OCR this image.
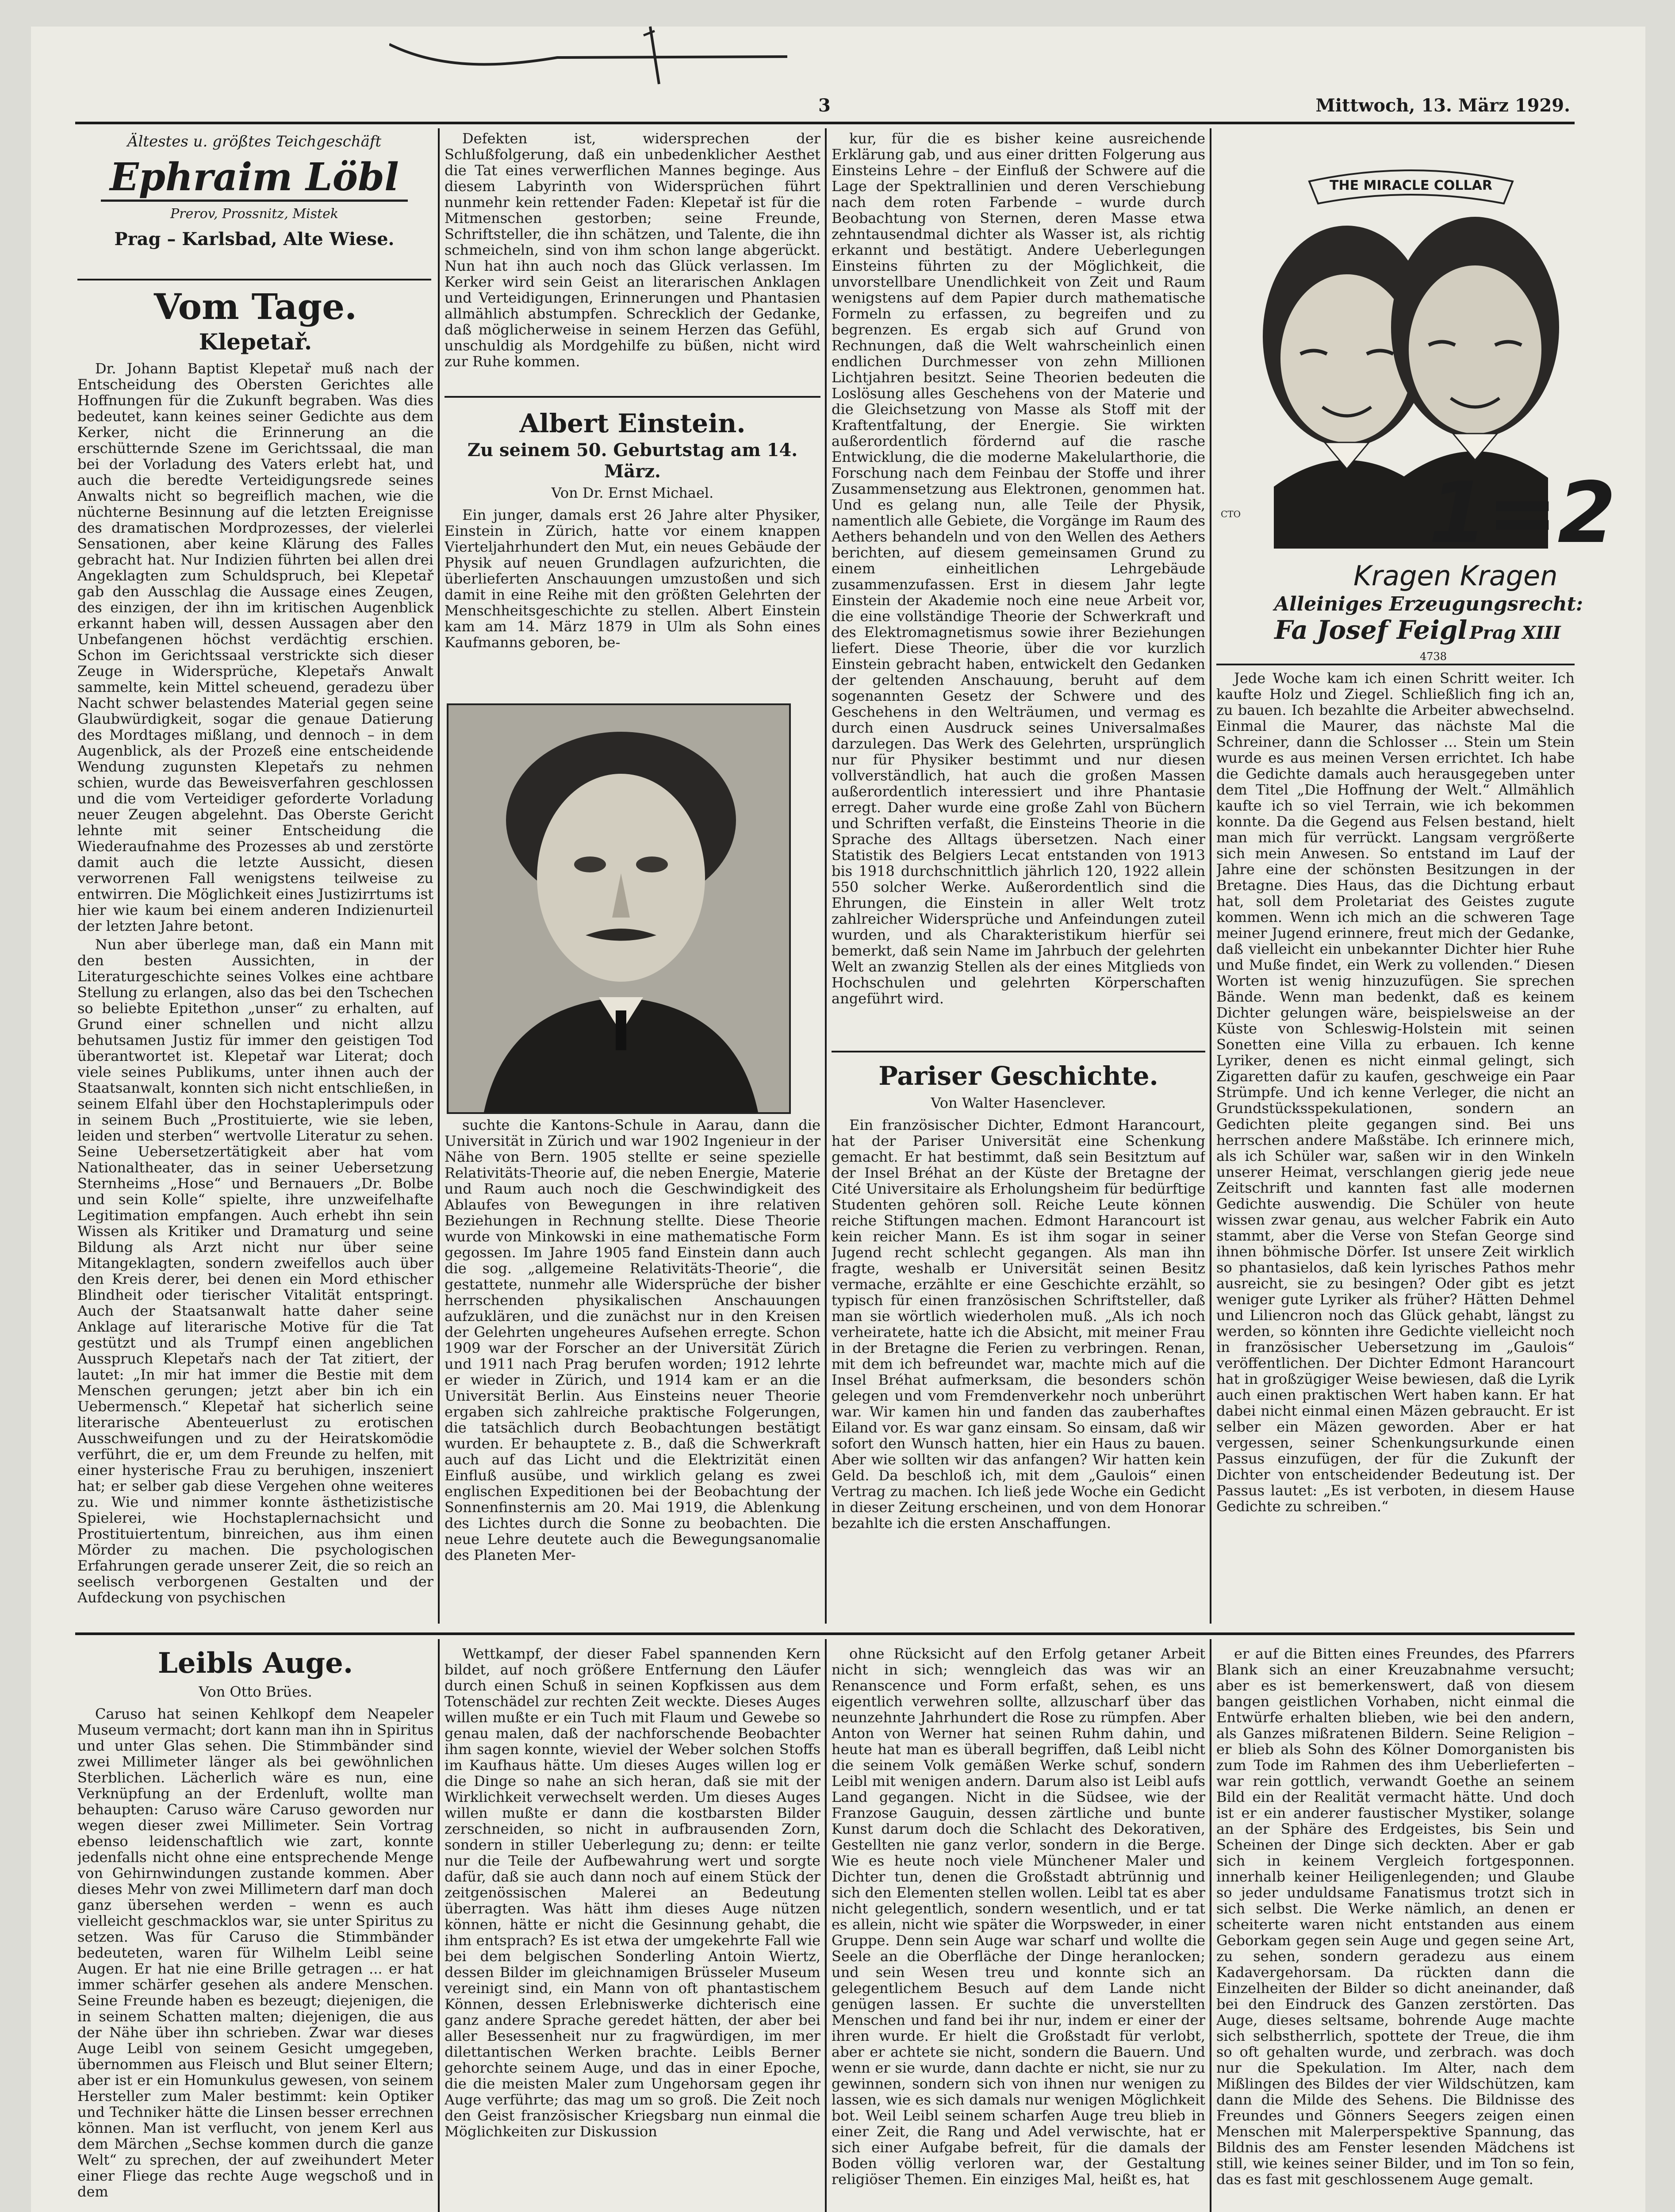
3	Mittwoch, 13. März 1929.
Ältestes u. größtes Teichgeschäft
Ephraim Löbl
Prerov, Prossnitz, Mistek
Prag – Karlsbad, Alte Wiese.
Vom Tage.
Klepetař.

Dr. Johann Baptist Klepetař muß nach der Entscheidung des Obersten Gerichtes alle Hoffnungen für die Zukunft begraben. Was dies bedeutet, kann keines seiner Gedichte aus dem Kerker, nicht die Erinnerung an die erschütternde Szene im Gerichtssaal, die man bei der Vorladung des Vaters erlebt hat, und auch die beredte Verteidigungsrede seines Anwalts nicht so begreiflich machen, wie die nüchterne Besinnung auf die letzten Ereignisse des dramatischen Mordprozesses, der vielerlei Sensationen, aber keine Klärung des Falles gebracht hat. Nur Indizien führten bei allen drei Angeklagten zum Schuldspruch, bei Klepetař gab den Ausschlag die Aussage eines Zeugen, des einzigen, der ihn im kritischen Augenblick erkannt haben will, dessen Aussagen aber den Unbefangenen höchst verdächtig erschien. Schon im Gerichtssaal verstrickte sich dieser Zeuge in Widersprüche, Klepetařs Anwalt sammelte, kein Mittel scheuend, geradezu über Nacht schwer belastendes Material gegen seine Glaubwürdigkeit, sogar die genaue Datierung des Mordtages mißlang, und dennoch – in dem Augenblick, als der Prozeß eine entscheidende Wendung zugunsten Klepetařs zu nehmen schien, wurde das Beweisverfahren geschlossen und die vom Verteidiger geforderte Vorladung neuer Zeugen abgelehnt. Das Oberste Gericht lehnte mit seiner Entscheidung die Wiederaufnahme des Prozesses ab und zerstörte damit auch die letzte Aussicht, diesen verworrenen Fall wenigstens teilweise zu entwirren. Die Möglichkeit eines Justizirrtums ist hier wie kaum bei einem anderen Indizienurteil der letzten Jahre betont.

Nun aber überlege man, daß ein Mann mit den besten Aussichten, in der Literaturgeschichte seines Volkes eine achtbare Stellung zu erlangen, also das bei den Tschechen so beliebte Epitethon „unser“ zu erhalten, auf Grund einer schnellen und nicht allzu behutsamen Justiz für immer den geistigen Tod überantwortet ist. Klepetař war Literat; doch viele seines Publikums, unter ihnen auch der Staatsanwalt, konnten sich nicht entschließen, in seinem Elfahl über den Hochstaplerimpuls oder in seinem Buch „Prostituierte, wie sie leben, leiden und sterben“ wertvolle Literatur zu sehen. Seine Uebersetzertätigkeit aber hat vom Nationaltheater, das in seiner Uebersetzung Sternheims „Hose“ und Bernauers „Dr. Bolbe und sein Kolle“ spielte, ihre unzweifelhafte Legitimation empfangen. Auch erhebt ihn sein Wissen als Kritiker und Dramaturg und seine Bildung als Arzt nicht nur über seine Mitangeklagten, sondern zweifellos auch über den Kreis derer, bei denen ein Mord ethischer Blindheit oder tierischer Vitalität entspringt. Auch der Staatsanwalt hatte daher seine Anklage auf literarische Motive für die Tat gestützt und als Trumpf einen angeblichen Ausspruch Klepetařs nach der Tat zitiert, der lautet: „In mir hat immer die Bestie mit dem Menschen gerungen; jetzt aber bin ich ein Uebermensch.“ Klepetař hat sicherlich seine literarische Abenteuerlust zu erotischen Ausschweifungen und zu der Heiratskomödie verführt, die er, um dem Freunde zu helfen, mit einer hysterische Frau zu beruhigen, inszeniert hat; er selber gab diese Vergehen ohne weiteres zu. Wie und nimmer konnte ästhetizistische Spielerei, wie Hochstaplernachsicht und Prostituiertentum, binreichen, aus ihm einen Mörder zu machen. Die psychologischen Erfahrungen gerade unserer Zeit, die so reich an seelisch verborgenen Gestalten und der Aufdeckung von psychischen

Defekten ist, widersprechen der Schlußfolgerung, daß ein unbedenklicher Aesthet die Tat eines verwerflichen Mannes beginge. Aus diesem Labyrinth von Widersprüchen führt nunmehr kein rettender Faden: Klepetař ist für die Mitmenschen gestorben; seine Freunde, Schriftsteller, die ihn schätzen, und Talente, die ihn schmeicheln, sind von ihm schon lange abgerückt. Nun hat ihn auch noch das Glück verlassen. Im Kerker wird sein Geist an literarischen Anklagen und Verteidigungen, Erinnerungen und Phantasien allmählich abstumpfen. Schrecklich der Gedanke, daß möglicherweise in seinem Herzen das Gefühl, unschuldig als Mordgehilfe zu büßen, nicht wird zur Ruhe kommen.

Albert Einstein.
Zu seinem 50. Geburtstag am 14. März.
Von Dr. Ernst Michael.

Ein junger, damals erst 26 Jahre alter Physiker, Einstein in Zürich, hatte vor einem knappen Vierteljahrhundert den Mut, ein neues Gebäude der Physik auf neuen Grundlagen aufzurichten, die überlieferten Anschauungen umzustoßen und sich damit in eine Reihe mit den größten Gelehrten der Menschheitsgeschichte zu stellen. Albert Einstein kam am 14. März 1879 in Ulm als Sohn eines Kaufmanns geboren, be-

suchte die Kantons-Schule in Aarau, dann die Universität in Zürich und war 1902 Ingenieur in der Nähe von Bern. 1905 stellte er seine spezielle Relativitäts-Theorie auf, die neben Energie, Materie und Raum auch noch die Geschwindigkeit des Ablaufes von Bewegungen in ihre relativen Beziehungen in Rechnung stellte. Diese Theorie wurde von Minkowski in eine mathematische Form gegossen. Im Jahre 1905 fand Einstein dann auch die sog. „allgemeine Relativitäts-Theorie“, die gestattete, nunmehr alle Widersprüche der bisher herrschenden physikalischen Anschauungen aufzuklären, und die zunächst nur in den Kreisen der Gelehrten ungeheures Aufsehen erregte. Schon 1909 war der Forscher an der Universität Zürich und 1911 nach Prag berufen worden; 1912 lehrte er wieder in Zürich, und 1914 kam er an die Universität Berlin. Aus Einsteins neuer Theorie ergaben sich zahlreiche praktische Folgerungen, die tatsächlich durch Beobachtungen bestätigt wurden. Er behauptete z. B., daß die Schwerkraft auch auf das Licht und die Elektrizität einen Einfluß ausübe, und wirklich gelang es zwei englischen Expeditionen bei der Beobachtung der Sonnenfinsternis am 20. Mai 1919, die Ablenkung des Lichtes durch die Sonne zu beobachten. Die neue Lehre deutete auch die Bewegungsanomalie des Planeten Mer-

kur, für die es bisher keine ausreichende Erklärung gab, und aus einer dritten Folgerung aus Einsteins Lehre – der Einfluß der Schwere auf die Lage der Spektrallinien und deren Verschiebung nach dem roten Farbende – wurde durch Beobachtung von Sternen, deren Masse etwa zehntausendmal dichter als Wasser ist, als richtig erkannt und bestätigt. Andere Ueberlegungen Einsteins führten zu der Möglichkeit, die unvorstellbare Unendlichkeit von Zeit und Raum wenigstens auf dem Papier durch mathematische Formeln zu erfassen, zu begreifen und zu begrenzen. Es ergab sich auf Grund von Rechnungen, daß die Welt wahrscheinlich einen endlichen Durchmesser von zehn Millionen Lichtjahren besitzt. Seine Theorien bedeuten die Loslösung alles Geschehens von der Materie und die Gleichsetzung von Masse als Stoff mit der Kraftentfaltung, der Energie. Sie wirkten außerordentlich fördernd auf die rasche Entwicklung, die die moderne Makelularthorie, die Forschung nach dem Feinbau der Stoffe und ihrer Zusammensetzung aus Elektronen, genommen hat. Und es gelang nun, alle Teile der Physik, namentlich alle Gebiete, die Vorgänge im Raum des Aethers behandeln und von den Wellen des Aethers berichten, auf diesem gemeinsamen Grund zu einem einheitlichen Lehrgebäude zusammenzufassen. Erst in diesem Jahr legte Einstein der Akademie noch eine neue Arbeit vor, die eine vollständige Theorie der Schwerkraft und des Elektromagnetismus sowie ihrer Beziehungen liefert. Diese Theorie, über die vor kurzlich Einstein gebracht haben, entwickelt den Gedanken der geltenden Anschauung, beruht auf dem sogenannten Gesetz der Schwere und des Geschehens in den Welträumen, und vermag es durch einen Ausdruck seines Universalmaßes darzulegen. Das Werk des Gelehrten, ursprünglich nur für Physiker bestimmt und nur diesen vollverständlich, hat auch die großen Massen außerordentlich interessiert und ihre Phantasie erregt. Daher wurde eine große Zahl von Büchern und Schriften verfaßt, die Einsteins Theorie in die Sprache des Alltags übersetzen. Nach einer Statistik des Belgiers Lecat entstanden von 1913 bis 1918 durchschnittlich jährlich 120, 1922 allein 550 solcher Werke. Außerordentlich sind die Ehrungen, die Einstein in aller Welt trotz zahlreicher Widersprüche und Anfeindungen zuteil wurden, und als Charakteristikum hierfür sei bemerkt, daß sein Name im Jahrbuch der gelehrten Welt an zwanzig Stellen als der eines Mitglieds von Hochschulen und gelehrten Körperschaften angeführt wird.

Pariser Geschichte.
Von Walter Hasenclever.

Ein französischer Dichter, Edmont Harancourt, hat der Pariser Universität eine Schenkung gemacht. Er hat bestimmt, daß sein Besitztum auf der Insel Bréhat an der Küste der Bretagne der Cité Universitaire als Erholungsheim für bedürftige Studenten gehören soll. Reiche Leute können reiche Stiftungen machen. Edmont Harancourt ist kein reicher Mann. Es ist ihm sogar in seiner Jugend recht schlecht gegangen. Als man ihn fragte, weshalb er Universität seinen Besitz vermache, erzählte er eine Geschichte erzählt, so typisch für einen französischen Schriftsteller, daß man sie wörtlich wiederholen muß. „Als ich noch verheiratete, hatte ich die Absicht, mit meiner Frau in der Bretagne die Ferien zu verbringen. Renan, mit dem ich befreundet war, machte mich auf die Insel Bréhat aufmerksam, die besonders schön gelegen und vom Fremdenverkehr noch unberührt war. Wir kamen hin und fanden das zauberhaftes Eiland vor. Es war ganz einsam. So einsam, daß wir sofort den Wunsch hatten, hier ein Haus zu bauen. Aber wie sollten wir das anfangen? Wir hatten kein Geld. Da beschloß ich, mit dem „Gaulois“ einen Vertrag zu machen. Ich ließ jede Woche ein Gedicht in dieser Zeitung erscheinen, und von dem Honorar bezahlte ich die ersten Anschaffungen.

THE MIRACLE COLLAR
1=2
CTO
Kragen Kragen
Alleiniges Erzeugungsrecht:
Fa Josef Feigl Prag XIII
4738

Jede Woche kam ich einen Schritt weiter. Ich kaufte Holz und Ziegel. Schließlich fing ich an, zu bauen. Ich bezahlte die Arbeiter abwechselnd. Einmal die Maurer, das nächste Mal die Schreiner, dann die Schlosser ... Stein um Stein wurde es aus meinen Versen errichtet. Ich habe die Gedichte damals auch herausgegeben unter dem Titel „Die Hoffnung der Welt.“ Allmählich kaufte ich so viel Terrain, wie ich bekommen konnte. Da die Gegend aus Felsen bestand, hielt man mich für verrückt. Langsam vergrößerte sich mein Anwesen. So entstand im Lauf der Jahre eine der schönsten Besitzungen in der Bretagne. Dies Haus, das die Dichtung erbaut hat, soll dem Proletariat des Geistes zugute kommen. Wenn ich mich an die schweren Tage meiner Jugend erinnere, freut mich der Gedanke, daß vielleicht ein unbekannter Dichter hier Ruhe und Muße findet, ein Werk zu vollenden.“ Diesen Worten ist wenig hinzuzufügen. Sie sprechen Bände. Wenn man bedenkt, daß es keinem Dichter gelungen wäre, beispielsweise an der Küste von Schleswig-Holstein mit seinen Sonetten eine Villa zu erbauen. Ich kenne Lyriker, denen es nicht einmal gelingt, sich Zigaretten dafür zu kaufen, geschweige ein Paar Strümpfe. Und ich kenne Verleger, die nicht an Grundstücksspekulationen, sondern an Gedichten pleite gegangen sind. Bei uns herrschen andere Maßstäbe. Ich erinnere mich, als ich Schüler war, saßen wir in den Winkeln unserer Heimat, verschlangen gierig jede neue Zeitschrift und kannten fast alle modernen Gedichte auswendig. Die Schüler von heute wissen zwar genau, aus welcher Fabrik ein Auto stammt, aber die Verse von Stefan George sind ihnen böhmische Dörfer. Ist unsere Zeit wirklich so phantasielos, daß kein lyrisches Pathos mehr ausreicht, sie zu besingen? Oder gibt es jetzt weniger gute Lyriker als früher? Hätten Dehmel und Liliencron noch das Glück gehabt, längst zu werden, so könnten ihre Gedichte vielleicht noch in französischer Uebersetzung im „Gaulois“ veröffentlichen. Der Dichter Edmont Harancourt hat in großzügiger Weise bewiesen, daß die Lyrik auch einen praktischen Wert haben kann. Er hat dabei nicht einmal einen Mäzen gebraucht. Er ist selber ein Mäzen geworden. Aber er hat vergessen, seiner Schenkungsurkunde einen Passus einzufügen, der für die Zukunft der Dichter von entscheidender Bedeutung ist. Der Passus lautet: „Es ist verboten, in diesem Hause Gedichte zu schreiben.“

Leibls Auge.
Von Otto Brües.

Caruso hat seinen Kehlkopf dem Neapeler Museum vermacht; dort kann man ihn in Spiritus und unter Glas sehen. Die Stimmbänder sind zwei Millimeter länger als bei gewöhnlichen Sterblichen. Lächerlich wäre es nun, eine Verknüpfung an der Erdenluft, wollte man behaupten: Caruso wäre Caruso geworden nur wegen dieser zwei Millimeter. Sein Vortrag ebenso leidenschaftlich wie zart, konnte jedenfalls nicht ohne eine entsprechende Menge von Gehirnwindungen zustande kommen. Aber dieses Mehr von zwei Millimetern darf man doch ganz übersehen werden – wenn es auch vielleicht geschmacklos war, sie unter Spiritus zu setzen. Was für Caruso die Stimmbänder bedeuteten, waren für Wilhelm Leibl seine Augen. Er hat nie eine Brille getragen ... er hat immer schärfer gesehen als andere Menschen. Seine Freunde haben es bezeugt; diejenigen, die in seinem Schatten malten; diejenigen, die aus der Nähe über ihn schrieben. Zwar war dieses Auge Leibl von seinem Gesicht umgegeben, übernommen aus Fleisch und Blut seiner Eltern; aber ist er ein Homunkulus gewesen, von seinem Hersteller zum Maler bestimmt: kein Optiker und Techniker hätte die Linsen besser errechnen können. Man ist verflucht, von jenem Kerl aus dem Märchen „Sechse kommen durch die ganze Welt“ zu sprechen, der auf zweihundert Meter einer Fliege das rechte Auge wegschoß und in dem

Wettkampf, der dieser Fabel spannenden Kern bildet, auf noch größere Entfernung den Läufer durch einen Schuß in seinen Kopfkissen aus dem Totenschädel zur rechten Zeit weckte. Dieses Auges willen mußte er ein Tuch mit Flaum und Gewebe so genau malen, daß der nachforschende Beobachter ihm sagen konnte, wieviel der Weber solchen Stoffs im Kaufhaus hätte. Um dieses Auges willen log er die Dinge so nahe an sich heran, daß sie mit der Wirklichkeit verwechselt werden. Um dieses Auges willen mußte er dann die kostbarsten Bilder zerschneiden, so nicht in aufbrausenden Zorn, sondern in stiller Ueberlegung zu; denn: er teilte nur die Teile der Aufbewahrung wert und sorgte dafür, daß sie auch dann noch auf einem Stück der zeitgenössischen Malerei an Bedeutung überragten. Was hätt ihm dieses Auge nützen können, hätte er nicht die Gesinnung gehabt, die ihm entsprach? Es ist etwa der umgekehrte Fall wie bei dem belgischen Sonderling Antoin Wiertz, dessen Bilder im gleichnamigen Brüsseler Museum vereinigt sind, ein Mann von oft phantastischem Können, dessen Erlebniswerke dichterisch eine ganz andere Sprache geredet hätten, der aber bei aller Besessenheit nur zu fragwürdigen, im mer dilettantischen Werken brachte. Leibls Berner gehorchte seinem Auge, und das in einer Epoche, die die meisten Maler zum Ungehorsam gegen ihr Auge verführte; das mag um so groß. Die Zeit noch den Geist französischer Kriegsbarg nun einmal die Möglichkeiten zur Diskussion

ohne Rücksicht auf den Erfolg getaner Arbeit nicht in sich; wenngleich das was wir an Renanscence und Form erfaßt, sehen, es uns eigentlich verwehren sollte, allzuscharf über das neunzehnte Jahrhundert die Rose zu rümpfen. Aber Anton von Werner hat seinen Ruhm dahin, und heute hat man es überall begriffen, daß Leibl nicht die seinem Volk gemäßen Werke schuf, sondern Leibl mit wenigen andern. Darum also ist Leibl aufs Land gegangen. Nicht in die Südsee, wie der Franzose Gauguin, dessen zärtliche und bunte Kunst darum doch die Schlacht des Dekorativen, Gestellten nie ganz verlor, sondern in die Berge. Wie es heute noch viele Münchener Maler und Dichter tun, denen die Großstadt abtrünnig und sich den Elementen stellen wollen. Leibl tat es aber nicht gelegentlich, sondern wesentlich, und er tat es allein, nicht wie später die Worpsweder, in einer Gruppe. Denn sein Auge war scharf und wollte die Seele an die Oberfläche der Dinge heranlocken; und sein Wesen treu und konnte sich an gelegentlichem Besuch auf dem Lande nicht genügen lassen. Er suchte die unverstellten Menschen und fand bei ihr nur, indem er einer der ihren wurde. Er hielt die Großstadt für verlobt, aber er achtete sie nicht, sondern die Bauern. Und wenn er sie wurde, dann dachte er nicht, sie nur zu gewinnen, sondern sich von ihnen nur wenigen zu lassen, wie es sich damals nur wenigen Möglichkeit bot. Weil Leibl seinem scharfen Auge treu blieb in einer Zeit, die Rang und Adel verwischte, hat er sich einer Aufgabe befreit, für die damals der Boden völlig verloren war, der Gestaltung religiöser Themen. Ein einziges Mal, heißt es, hat

er auf die Bitten eines Freundes, des Pfarrers Blank sich an einer Kreuzabnahme versucht; aber es ist bemerkenswert, daß von diesem bangen geistlichen Vorhaben, nicht einmal die Entwürfe erhalten blieben, wie bei den andern, als Ganzes mißratenen Bildern. Seine Religion – er blieb als Sohn des Kölner Domorganisten bis zum Tode im Rahmen des ihm Ueberlieferten – war rein gottlich, verwandt Goethe an seinem Bild ein der Realität vermacht hätte. Und doch ist er ein anderer faustischer Mystiker, solange an der Sphäre des Erdgeistes, bis Sein und Scheinen der Dinge sich deckten. Aber er gab sich in keinem Vergleich fortgesponnen. innerhalb keiner Heiligenlegenden; und Glaube so jeder unduldsame Fanatismus trotzt sich in sich selbst. Die Werke nämlich, an denen er scheiterte waren nicht entstanden aus einem Geborkam gegen sein Auge und gegen seine Art, zu sehen, sondern geradezu aus einem Kadavergehorsam. Da rückten dann die Einzelheiten der Bilder so dicht aneinander, daß bei den Eindruck des Ganzen zerstörten. Das Auge, dieses seltsame, bohrende Auge machte sich selbstherrlich, spottete der Treue, die ihm so oft gehalten wurde, und zerbrach. was doch nur die Spekulation. Im Alter, nach dem Mißlingen des Bildes der vier Wildschützen, kam dann die Milde des Sehens. Die Bildnisse des Freundes und Gönners Seegers zeigen einen Menschen mit Malerperspektive Spannung, das Bildnis des am Fenster lesenden Mädchens ist still, wie keines seiner Bilder, und im Ton so fein, das es fast mit geschlossenem Auge gemalt.
